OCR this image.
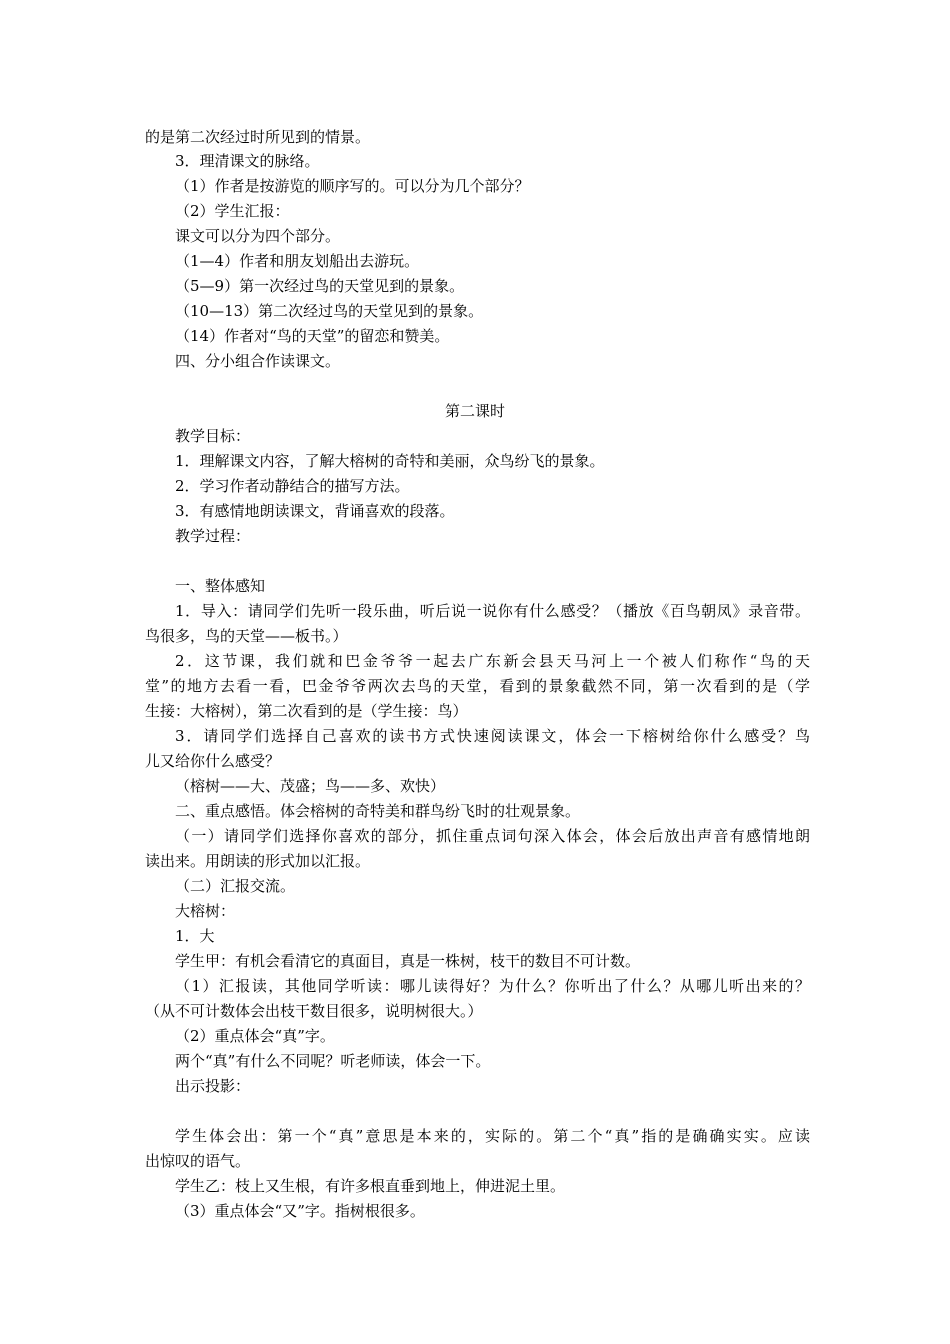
的是第二次经过时所见到的情景。
3．理清课文的脉络。
（1）作者是按游览的顺序写的。可以分为几个部分？
（2）学生汇报：
课文可以分为四个部分。
（1—4）作者和朋友划船出去游玩。
（5—9）第一次经过鸟的天堂见到的景象。
（10—13）第二次经过鸟的天堂见到的景象。
（14）作者对“鸟的天堂”的留恋和赞美。
四、分小组合作读课文。
第二课时
教学目标：
1．理解课文内容，了解大榕树的奇特和美丽，众鸟纷飞的景象。
2．学习作者动静结合的描写方法。
3．有感情地朗读课文，背诵喜欢的段落。
教学过程：
一、整体感知
1．导入：请同学们先听一段乐曲，听后说一说你有什么感受？（播放《百鸟朝凤》录音带。
鸟很多，鸟的天堂——板书。）
2．这节课，我们就和巴金爷爷一起去广东新会县天马河上一个被人们称作“鸟的天
堂”的地方去看一看，巴金爷爷两次去鸟的天堂，看到的景象截然不同，第一次看到的是（学
生接：大榕树），第二次看到的是（学生接：鸟）
3．请同学们选择自己喜欢的读书方式快速阅读课文，体会一下榕树给你什么感受？鸟
儿又给你什么感受？
（榕树——大、茂盛；鸟——多、欢快）
二、重点感悟。体会榕树的奇特美和群鸟纷飞时的壮观景象。
（一）请同学们选择你喜欢的部分，抓住重点词句深入体会，体会后放出声音有感情地朗
读出来。用朗读的形式加以汇报。
（二）汇报交流。
大榕树：
1．大
学生甲：有机会看清它的真面目，真是一株树，枝干的数目不可计数。
（1）汇报读，其他同学听读：哪儿读得好？为什么？你听出了什么？从哪儿听出来的？
（从不可计数体会出枝干数目很多，说明树很大。）
（2）重点体会“真”字。
两个“真”有什么不同呢？听老师读，体会一下。
出示投影：
学生体会出：第一个“真”意思是本来的，实际的。第二个“真”指的是确确实实。应读
出惊叹的语气。
学生乙：枝上又生根，有许多根直垂到地上，伸进泥土里。
（3）重点体会“又”字。指树根很多。
